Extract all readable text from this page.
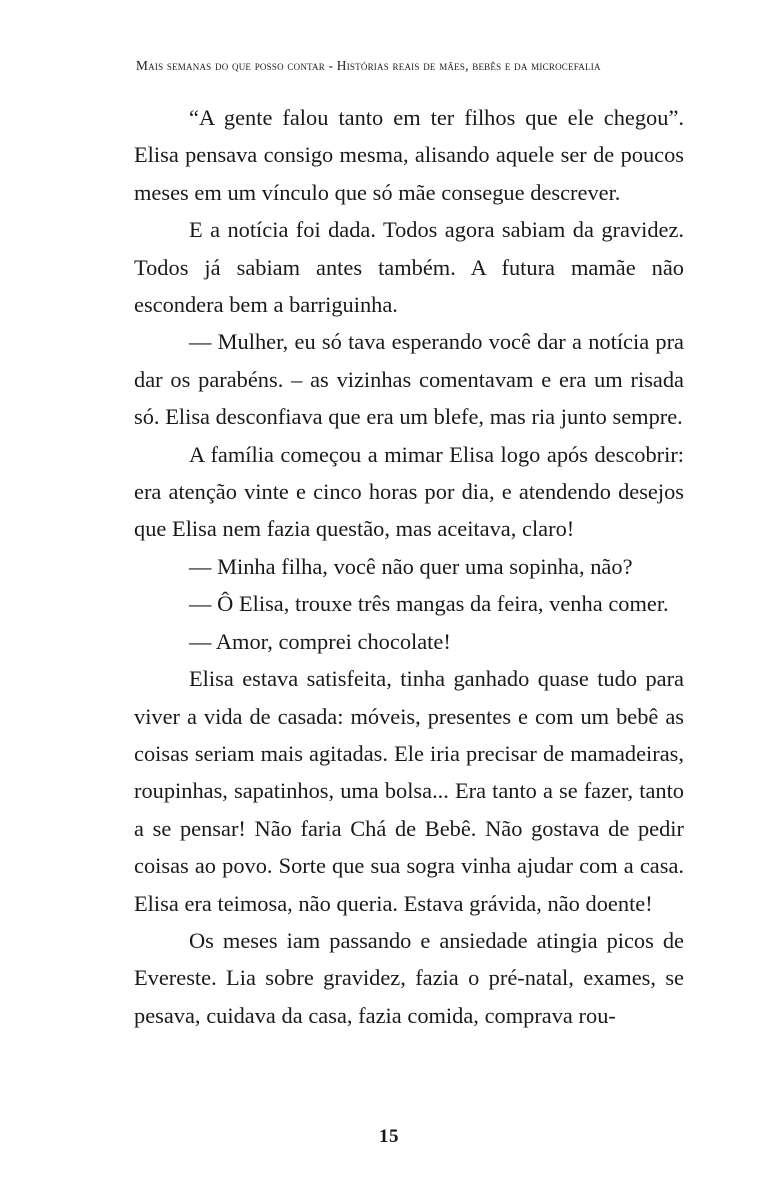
Mais semanas do que posso contar - Histórias reais de mães, bebês e da microcefalia

“A gente falou tanto em ter filhos que ele chegou”. Elisa pensava consigo mesma, alisando aquele ser de poucos meses em um vínculo que só mãe consegue descrever.

E a notícia foi dada. Todos agora sabiam da gravidez. Todos já sabiam antes também. A futura mamãe não escondera bem a barriguinha.

— Mulher, eu só tava esperando você dar a notícia pra dar os parabéns. – as vizinhas comentavam e era um risada só. Elisa desconfiava que era um blefe, mas ria junto sempre.

A família começou a mimar Elisa logo após descobrir: era atenção vinte e cinco horas por dia, e atendendo desejos que Elisa nem fazia questão, mas aceitava, claro!

— Minha filha, você não quer uma sopinha, não?

— Ô Elisa, trouxe três mangas da feira, venha comer.

— Amor, comprei chocolate!

Elisa estava satisfeita, tinha ganhado quase tudo para viver a vida de casada: móveis, presentes e com um bebê as coisas seriam mais agitadas. Ele iria precisar de mamadeiras, roupinhas, sapatinhos, uma bolsa... Era tanto a se fazer, tanto a se pensar! Não faria Chá de Bebê. Não gostava de pedir coisas ao povo. Sorte que sua sogra vinha ajudar com a casa. Elisa era teimosa, não queria. Estava grávida, não doente!

Os meses iam passando e ansiedade atingia picos de Evereste. Lia sobre gravidez, fazia o pré-natal, exames, se pesava, cuidava da casa, fazia comida, comprava rou-

15
